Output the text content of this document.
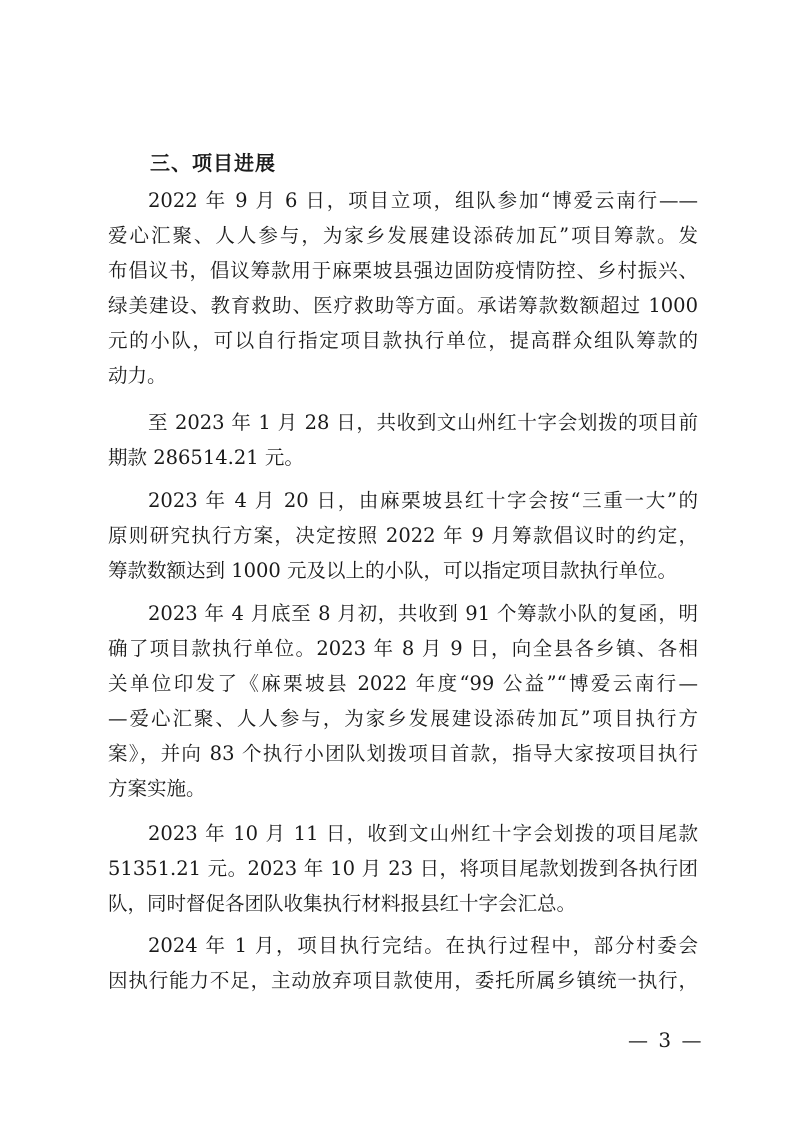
三、项目进展
2022 年 9 月 6 日，项目立项，组队参加“博爱云南行——
爱心汇聚、人人参与，为家乡发展建设添砖加瓦”项目筹款。发
布倡议书，倡议筹款用于麻栗坡县强边固防疫情防控、乡村振兴、
绿美建设、教育救助、医疗救助等方面。承诺筹款数额超过 1000
元的小队，可以自行指定项目款执行单位，提高群众组队筹款的
动力。
至 2023 年 1 月 28 日，共收到文山州红十字会划拨的项目前
期款 286514.21 元。
2023 年 4 月 20 日，由麻栗坡县红十字会按“三重一大”的
原则研究执行方案，决定按照 2022 年 9 月筹款倡议时的约定，
筹款数额达到 1000 元及以上的小队，可以指定项目款执行单位。
2023 年 4 月底至 8 月初，共收到 91 个筹款小队的复函，明
确了项目款执行单位。2023 年 8 月 9 日，向全县各乡镇、各相
关单位印发了《麻栗坡县 2022 年度“99 公益”“博爱云南行—
—爱心汇聚、人人参与，为家乡发展建设添砖加瓦”项目执行方
案》，并向 83 个执行小团队划拨项目首款，指导大家按项目执行
方案实施。
2023 年 10 月 11 日，收到文山州红十字会划拨的项目尾款
51351.21 元。2023 年 10 月 23 日，将项目尾款划拨到各执行团
队，同时督促各团队收集执行材料报县红十字会汇总。
2024 年 1 月，项目执行完结。在执行过程中，部分村委会
因执行能力不足，主动放弃项目款使用，委托所属乡镇统一执行，
— 3 —
